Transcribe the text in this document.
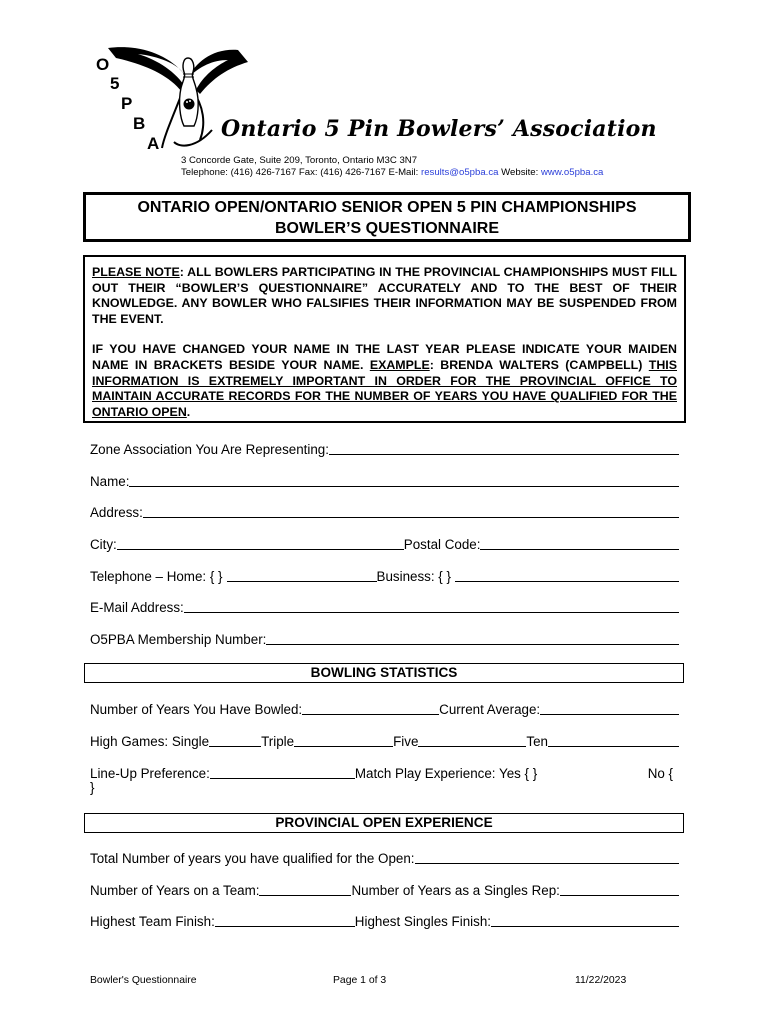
O
5
P
B
A
Ontario 5 Pin Bowlers’ Association
3 Concorde Gate, Suite 209, Toronto, Ontario M3C 3N7
Telephone: (416) 426-7167 Fax: (416) 426-7167 E-Mail: results@o5pba.ca Website: www.o5pba.ca
ONTARIO OPEN/ONTARIO SENIOR OPEN 5 PIN CHAMPIONSHIPS
BOWLER’S QUESTIONNAIRE

PLEASE NOTE: ALL BOWLERS PARTICIPATING IN THE PROVINCIAL CHAMPIONSHIPS MUST FILL OUT THEIR “BOWLER’S QUESTIONNAIRE” ACCURATELY AND TO THE BEST OF THEIR KNOWLEDGE. ANY BOWLER WHO FALSIFIES THEIR INFORMATION MAY BE SUSPENDED FROM THE EVENT.

IF YOU HAVE CHANGED YOUR NAME IN THE LAST YEAR PLEASE INDICATE YOUR MAIDEN NAME IN BRACKETS BESIDE YOUR NAME. EXAMPLE: BRENDA WALTERS (CAMPBELL) THIS INFORMATION IS EXTREMELY IMPORTANT IN ORDER FOR THE PROVINCIAL OFFICE TO MAINTAIN ACCURATE RECORDS FOR THE NUMBER OF YEARS YOU HAVE QUALIFIED FOR THE ONTARIO OPEN.

Zone Association You Are Representing:
Name:
Address:
City:	Postal Code:
Telephone – Home: { }	Business: { }
E-Mail Address:
O5PBA Membership Number:
BOWLING STATISTICS
Number of Years You Have Bowled:	Current Average:
High Games: Single	Triple	Five	Ten
Line-Up Preference:	Match Play Experience: Yes { }	No {
}
PROVINCIAL OPEN EXPERIENCE
Total Number of years you have qualified for the Open:
Number of Years on a Team:	Number of Years as a Singles Rep:
Highest Team Finish:	Highest Singles Finish:
Bowler's Questionnaire	Page 1 of 3	11/22/2023
